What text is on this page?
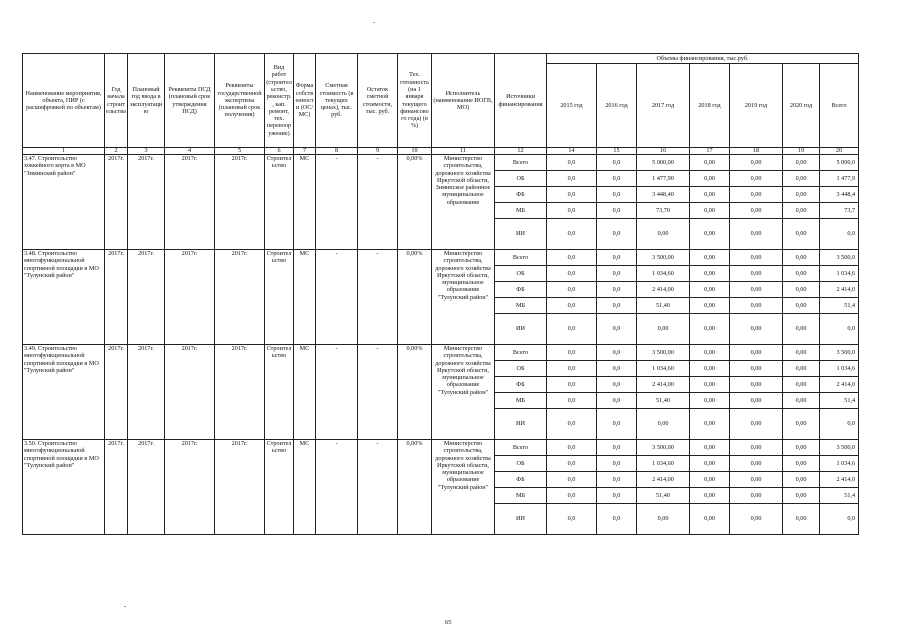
Наименование мероприятия, объекта, ПИР (с расшифровкой по объектам)	Год начала строительства	Плановый год ввода в эксплуатацию	Реквизиты ПСД (плановый срок утверждения ПСД)	Реквизиты государственной экспертизы (плановый срок получения)	Вид работ (строительство, реконстр., кап. ремонт, тех. перевооружение)	Форма собственности (ОС/МС)	Сметная стоимость (в текущих ценах), тыс. руб.	Остаток сметной стоимости, тыс. руб.	Тех. готовность (на 1 января текущего финансового года) (в %)	Исполнитель (наименование ИОГВ, МО)	Источники финансирования	Объемы финансирования, тыс.руб.						
												2015 год	2016 год	2017 год	2018 год	2019 год	2020 год	Всего
1	2	3	4	5	6	7	8	9	10	11	12	14	15	16	17	18	19	20
3.47. Строительство хоккейного корта в МО "Зиминский район"	2017г.	2017г.	2017г.	2017г.	Строительство	МС	-	-	0,00%	Министерство строительства, дорожного хозяйства Иркутской области, Зиминское районное муниципальное образование	Всего	0,0	0,0	5 000,00	0,00	0,00	0,00	5 000,0
											ОБ	0,0	0,0	1 477,90	0,00	0,00	0,00	1 477,9
											ФБ	0,0	0,0	3 448,40	0,00	0,00	0,00	3 448,4
											МБ	0,0	0,0	73,70	0,00	0,00	0,00	73,7
											ИИ	0,0	0,0	0,00	0,00	0,00	0,00	0,0
3.48. Строительство многофункциональной спортивной площадки в МО "Тулунский район"	2017г.	2017г.	2017г.	2017г.	Строительство	МС	-	-	0,00%	Министерство строительства, дорожного хозяйства Иркутской области, муниципальное образование "Тулунский район"	Всего	0,0	0,0	3 500,00	0,00	0,00	0,00	3 500,0
											ОБ	0,0	0,0	1 034,60	0,00	0,00	0,00	1 034,6
											ФБ	0,0	0,0	2 414,00	0,00	0,00	0,00	2 414,0
											МБ	0,0	0,0	51,40	0,00	0,00	0,00	51,4
											ИИ	0,0	0,0	0,00	0,00	0,00	0,00	0,0
3.49. Строительство многофункциональной спортивной площадки в МО "Тулунский район"	2017г.	2017г.	2017г.	2017г.	Строительство	МС	-	-	0,00%	Министерство строительства, дорожного хозяйства Иркутской области, муниципальное образование "Тулунский район"	Всего	0,0	0,0	3 500,00	0,00	0,00	0,00	3 500,0
											ОБ	0,0	0,0	1 034,60	0,00	0,00	0,00	1 034,6
											ФБ	0,0	0,0	2 414,00	0,00	0,00	0,00	2 414,0
											МБ	0,0	0,0	51,40	0,00	0,00	0,00	51,4
											ИИ	0,0	0,0	0,00	0,00	0,00	0,00	0,0
3.50. Строительство многофункциональной спортивной площадки в МО "Тулунский район"	2017г.	2017г.	2017г.	2017г.	Строительство	МС	-	-	0,00%	Министерство строительства, дорожного хозяйства Иркутской области, муниципальное образование "Тулунский район"	Всего	0,0	0,0	3 500,00	0,00	0,00	0,00	3 500,0
											ОБ	0,0	0,0	1 034,60	0,00	0,00	0,00	1 034,6
											ФБ	0,0	0,0	2 414,00	0,00	0,00	0,00	2 414,0
											МБ	0,0	0,0	51,40	0,00	0,00	0,00	51,4
											ИИ	0,0	0,0	0,00	0,00	0,00	0,00	0,0
65
